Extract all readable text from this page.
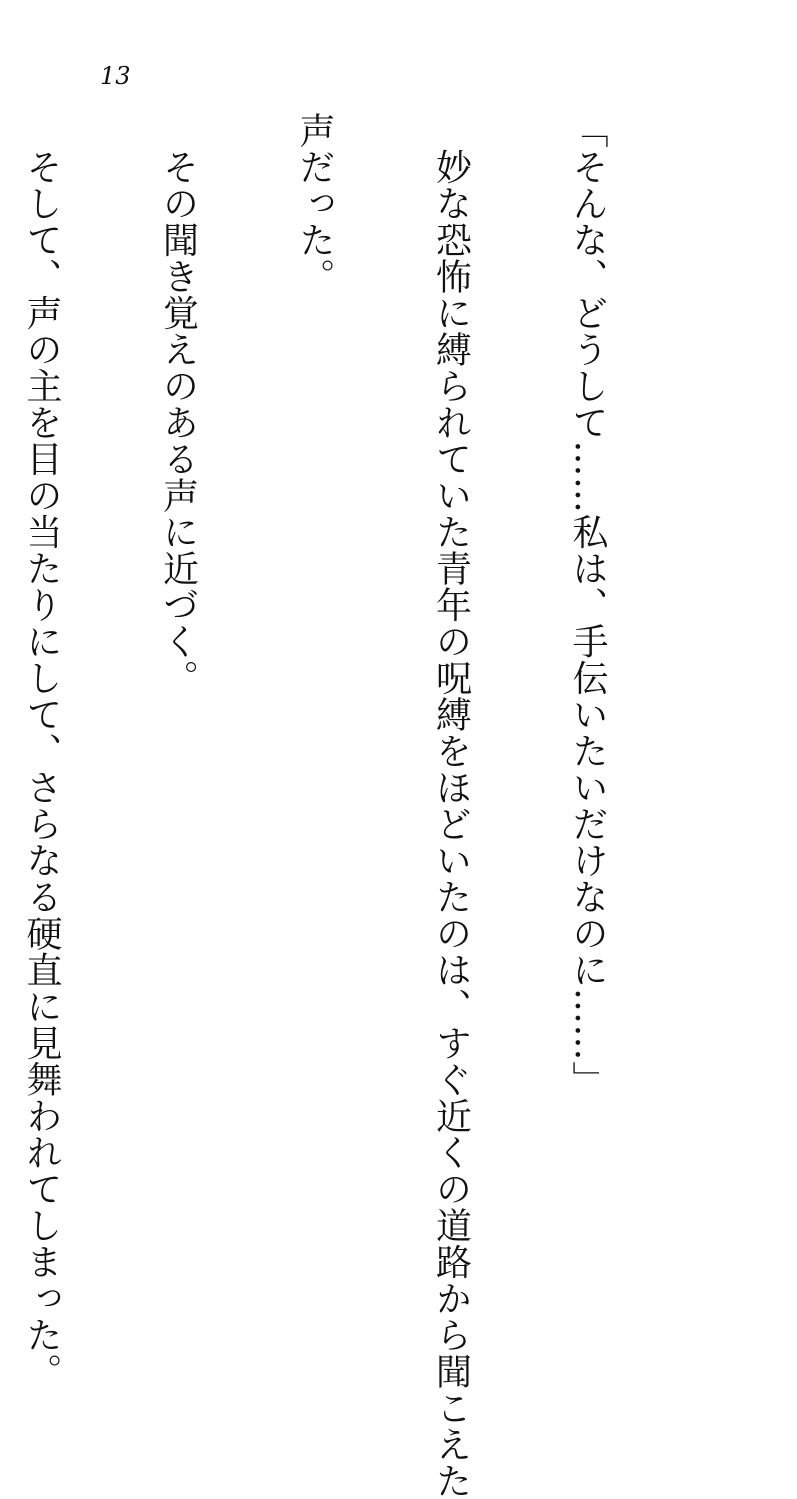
13

「そんな、どうして……私は、手伝いたいだけなのに……」

　妙な恐怖に縛られていた青年の呪縛をほどいたのは、すぐ近くの道路から聞こえた

声だった。

　その聞き覚えのある声に近づく。

　そして、声の主を目の当たりにして、さらなる硬直に見舞われてしまった。
